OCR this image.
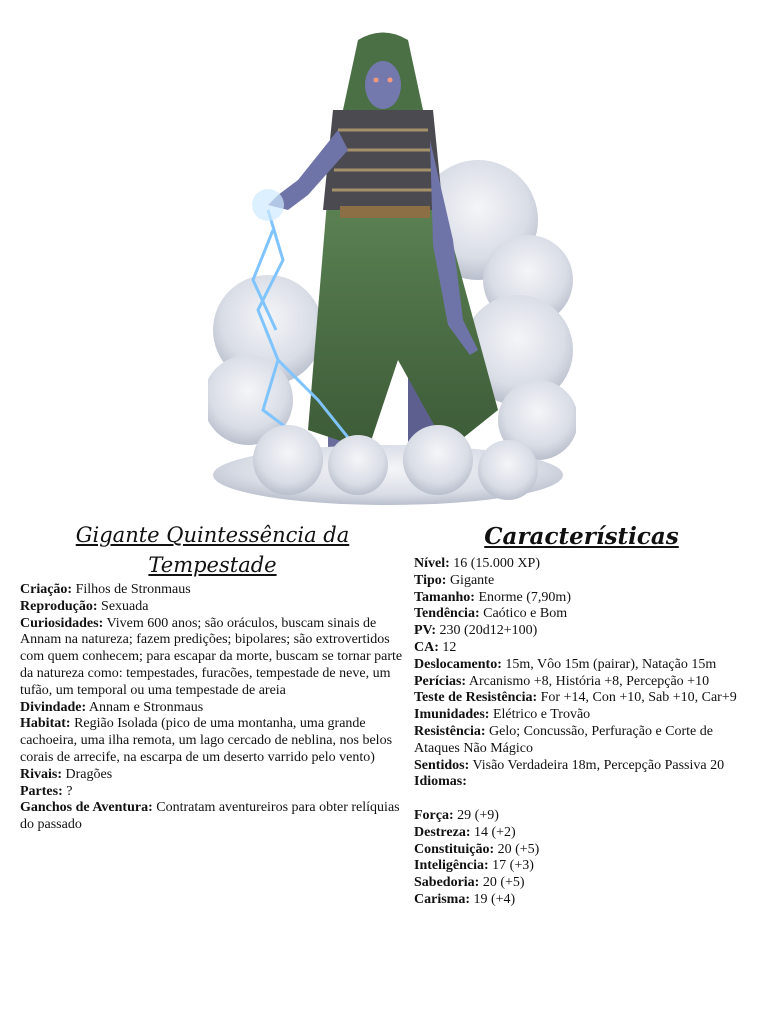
Gigante Quintessência da Tempestade
Criação: Filhos de Stronmaus
Reprodução: Sexuada
Curiosidades: Vivem 600 anos; são oráculos, buscam sinais de Annam na natureza; fazem predições; bipolares; são extrovertidos com quem conhecem; para escapar da morte, buscam se tornar parte da natureza como: tempestades, furacões, tempestade de neve, um tufão, um temporal ou uma tempestade de areia
Divindade: Annam e Stronmaus
Habitat: Região Isolada (pico de uma montanha, uma grande cachoeira, uma ilha remota, um lago cercado de neblina, nos belos corais de arrecife, na escarpa de um deserto varrido pelo vento)
Rivais: Dragões
Partes: ?
Ganchos de Aventura: Contratam aventureiros para obter relíquias do passado
Características
Nível: 16 (15.000 XP)
Tipo: Gigante
Tamanho: Enorme (7,90m)
Tendência: Caótico e Bom
PV: 230 (20d12+100)
CA: 12
Deslocamento: 15m, Vôo 15m (pairar), Natação 15m
Perícias: Arcanismo +8, História +8, Percepção +10
Teste de Resistência: For +14, Con +10, Sab +10, Car+9
Imunidades: Elétrico e Trovão
Resistência: Gelo; Concussão, Perfuração e Corte de Ataques Não Mágico
Sentidos: Visão Verdadeira 18m, Percepção Passiva 20
Idiomas:
Força: 29 (+9)
Destreza: 14 (+2)
Constituição: 20 (+5)
Inteligência: 17 (+3)
Sabedoria: 20 (+5)
Carisma: 19 (+4)
